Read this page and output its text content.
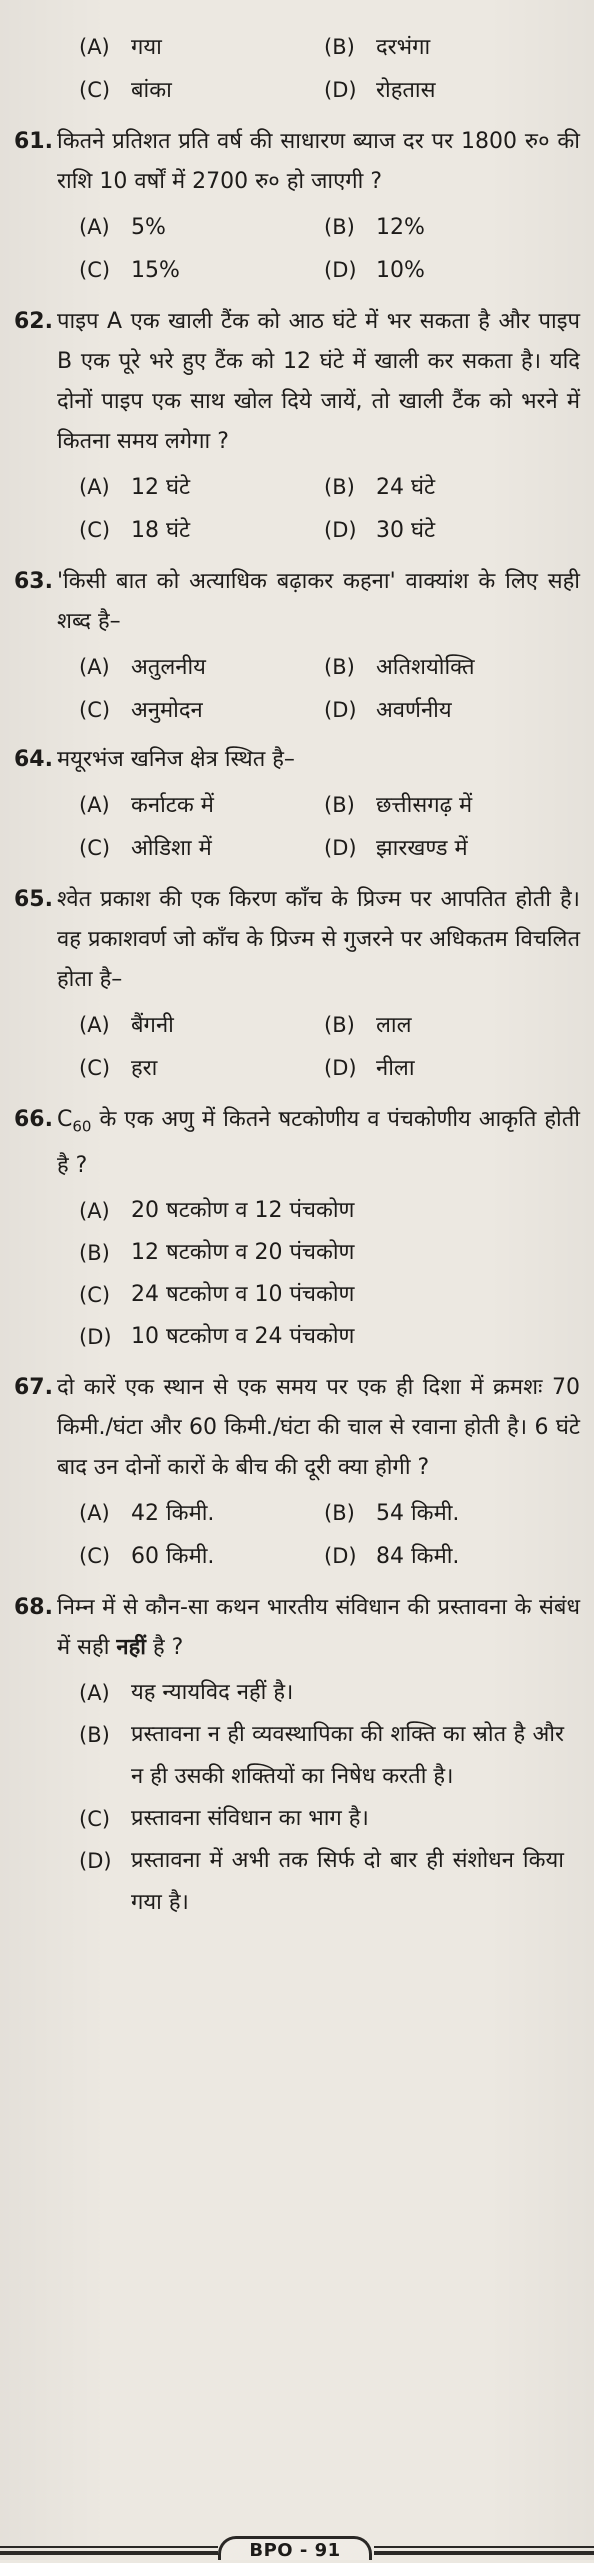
(A) गया	(B) दरभंगा
(C) बांका	(D) रोहतास
61. कितने प्रतिशत प्रति वर्ष की साधारण ब्याज दर पर 1800 रु० की राशि 10 वर्षों में 2700 रु० हो जाएगी ?
(A) 5%	(B) 12%
(C) 15%	(D) 10%
62. पाइप A एक खाली टैंक को आठ घंटे में भर सकता है और पाइप B एक पूरे भरे हुए टैंक को 12 घंटे में खाली कर सकता है। यदि दोनों पाइप एक साथ खोल दिये जायें, तो खाली टैंक को भरने में कितना समय लगेगा ?
(A) 12 घंटे	(B) 24 घंटे
(C) 18 घंटे	(D) 30 घंटे
63. 'किसी बात को अत्याधिक बढ़ाकर कहना' वाक्यांश के लिए सही शब्द है–
(A) अतुलनीय	(B) अतिशयोक्ति
(C) अनुमोदन	(D) अवर्णनीय
64. मयूरभंज खनिज क्षेत्र स्थित है–
(A) कर्नाटक में	(B) छत्तीसगढ़ में
(C) ओडिशा में	(D) झारखण्ड में
65. श्वेत प्रकाश की एक किरण काँच के प्रिज्म पर आपतित होती है। वह प्रकाशवर्ण जो काँच के प्रिज्म से गुजरने पर अधिकतम विचलित होता है–
(A) बैंगनी	(B) लाल
(C) हरा	(D) नीला
66. $C_{60}$ के एक अणु में कितने षटकोणीय व पंचकोणीय आकृति होती है ?
(A) 20 षटकोण व 12 पंचकोण
(B) 12 षटकोण व 20 पंचकोण
(C) 24 षटकोण व 10 पंचकोण
(D) 10 षटकोण व 24 पंचकोण
67. दो कारें एक स्थान से एक समय पर एक ही दिशा में क्रमशः 70 किमी./घंटा और 60 किमी./घंटा की चाल से रवाना होती है। 6 घंटे बाद उन दोनों कारों के बीच की दूरी क्या होगी ?
(A) 42 किमी.	(B) 54 किमी.
(C) 60 किमी.	(D) 84 किमी.
68. निम्न में से कौन-सा कथन भारतीय संविधान की प्रस्तावना के संबंध में सही नहीं है ?
(A) यह न्यायविद नहीं है।
(B) प्रस्तावना न ही व्यवस्थापिका की शक्ति का स्रोत है और न ही उसकी शक्तियों का निषेध करती है।
(C) प्रस्तावना संविधान का भाग है।
(D) प्रस्तावना में अभी तक सिर्फ दो बार ही संशोधन किया गया है।
BPO - 91
